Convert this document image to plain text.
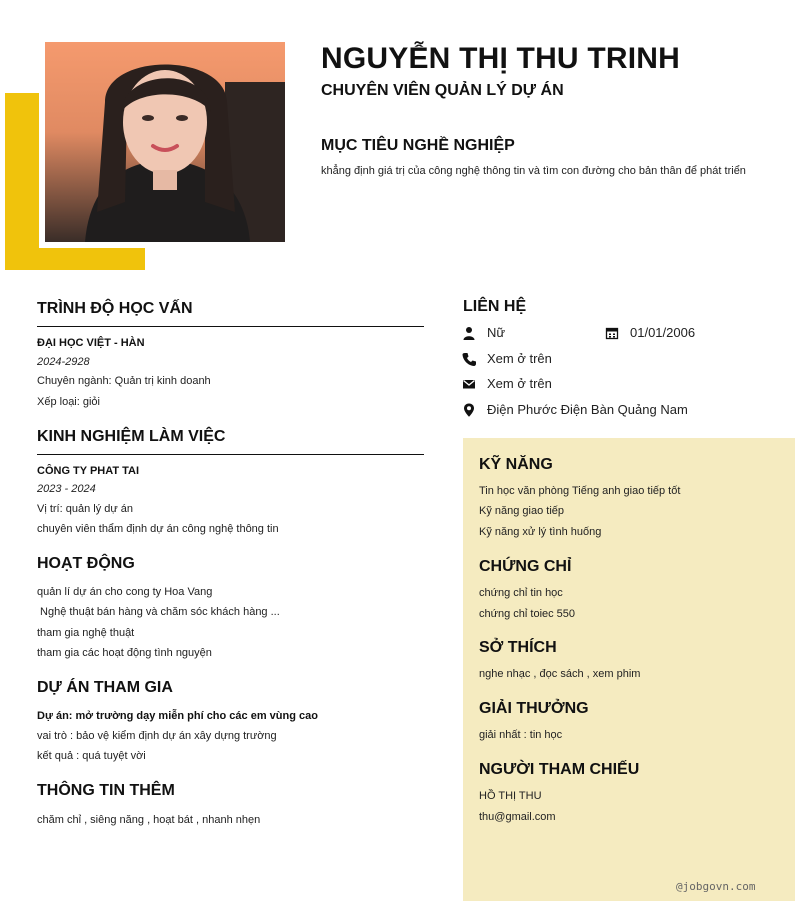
NGUYỄN THỊ THU TRINH
CHUYÊN VIÊN QUẢN LÝ DỰ ÁN
MỤC TIÊU NGHỀ NGHIỆP
khẳng định giá trị của công nghệ thông tin và tìm con đường cho bản thân để phát triển
TRÌNH ĐỘ HỌC VẤN
ĐẠI HỌC VIỆT - HÀN
2024-2928
Chuyên ngành: Quản trị kinh doanh
Xếp loại: giỏi
KINH NGHIỆM LÀM VIỆC
CÔNG TY PHAT TAI
2023 - 2024
Vị trí: quản lý dự án
chuyên viên thẩm định dự án công nghệ thông tin
HOẠT ĐỘNG
quản lí dự án cho cong ty Hoa Vang
Nghệ thuật bán hàng và chăm sóc khách hàng ...
tham gia nghệ thuật
tham gia các hoạt động tình nguyện
DỰ ÁN THAM GIA
Dự án: mở trường dạy miễn phí cho các em vùng cao
vai trò : bảo vệ kiểm định dự án xây dựng trường
kết quả : quá tuyệt vời
THÔNG TIN THÊM
chăm chỉ , siêng năng , hoạt bát , nhanh nhẹn
LIÊN HỆ
Nữ	01/01/2006
Xem ở trên
Xem ở trên
Điện Phước Điện Bàn Quảng Nam
KỸ NĂNG
Tin học văn phòng Tiếng anh giao tiếp tốt
Kỹ năng giao tiếp
Kỹ năng xử lý tình huống
CHỨNG CHỈ
chứng chỉ tin học
chứng chỉ toiec 550
SỞ THÍCH
nghe nhạc , đọc sách , xem phim
GIẢI THƯỞNG
giải nhất : tin học
NGƯỜI THAM CHIẾU
HỒ THỊ THU
thu@gmail.com
@jobgovn.com
